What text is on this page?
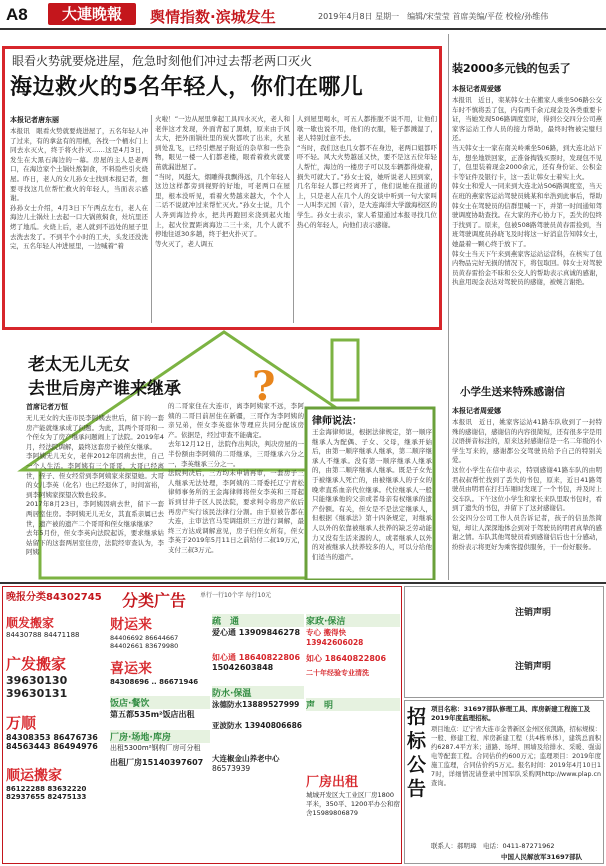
A8	大連晚報	舆情指数·滨城发生	2019年4月8日 星期一　编辑/宋莹莹 首席美编/平莅 校检/孙维伟
眼看火势就要烧进屋，危急时刻他们冲过去帮老两口灭火
海边救火的5名年轻人，你们在哪儿
本报记者唐东丽
本报讯　眼看火势就要烧进屋了，五名年轻人冲了过来，有的拿盆有的用桶，各找一个桶水门上同去水灭火，终于将火扑灭……这是4月3日，发生在大黑石海边的一幕。房屋的主人是老两口，在海边家个土锅灶熬制食，不料险些引火烧屋。昨日，老人的女儿孙女士找到本报记者，想要寻找这几位帮忙救火的年轻人，当面表示感谢。
孙孙女士介绍，4月3日下午两点左右，老人在海边儿土锅灶上去起一口大锅煎焖食，灶坑里还烤了地瓜。火烧上后，老人就到不远处的屋子里去洗去发了。不到半个小时的工夫，头发还没洗完，五名年轻人冲进屋里，一边喊着“着
火啦！”一边从屋里拿起工具四水灭火，老人和老伴这才发现，外面背起了黑烟，原来由于风太大，把外面锅灶里的炭火都吹了出来，火星到处乱飞，已经引燃屋子附近的杂草和一些杂物，眼见一楼一人们都老楼，眼看着救火就要苗就漏进屋了。
“当时，风挺大，烟雕得我飘得远，几个年轻人这边这样都旁到视野的好地，可老两口在屋里，根本没听见，看着火势越来越大，个个人二话不说就冲过来帮忙灭火。”孙女士说，几个人奔到海边拎水，把共再跑回来浇到起火地上，起火位置距离海边二三十来，几个人就不停地往返30多趟，终于把火扑灭了。
等火灭了，老人调五
人到屋里喝水，可五人都推脱不说不用，让他们歇一歇也说不用，他们的衣服，鞋子都溅湿了，老人特别过意不去。
“当时，我们这也几女都不在身边，老两口姐都吓吓不轻。风大火势越延又快，要不是这五位年轻人帮忙，海边的一楼房子可以及车辆都得烧着，损失可就大了。”孙女士说，她听说老人回到家，几名年轻人都已经离开了，他们说她在报道的上，只是老人在几个人的交谈中听到一句大家叫一人叫李元国（音），是大连海洋大学激海校区的学生。孙女士表示，家人希望通过本报寻找几位热心的年轻人，向他们表示感谢。
?
老太无儿无女
去世后房产谁来继承
首席记者万恒
无儿无女的大连市民李阿姨去世后，留下的一套房产能就继承成了问题。为此，其两个哥哥和一个侄女为了房产继承问题闹上了法院。2019年4月，经法院调解，最终这套房子被侄女继承。
李阿姨无儿无女，老伴2012年因病去世，自己一个人生活。李阿姨有三个哥哥，大哥已经离世，侄子、侄女经常到李阿姨家来探望她。大哥的女儿李英（化名）也已经退休了，时间富裕，到李阿姨家探望次数也较多。
2017年8月23日，李阿姨因病去世，留下一套两居室住房。李阿姨无儿无女，其直系亲属已去世，遗产被的遗产二个哥哥和侄女继承继承？
去年5月份，侄女李英向法院起诉，要求继承姑姑留下的这套两居室住房，法院经审查认为，李阿姨
的二哥家住在大连市，离李阿姨家不远，李阿姨的二哥目前居住在新疆，三哥作为李阿姨的亲兄弟，侄女李英庭休等理应共同分配该房产。依据是，经过审查不能确定。
去年12月12日，法院作出判决，判决房屋的一半份额由李阿姨的二哥继承，三哥继承六分之一，李英继承三分之一。
法院判决后，三方均未申请再审，一套房子三人继承无法处理，李阿姨的二哥委托辽宁青松律师事务所的王金海律师将侄女李英和三哥起诉到甘井子区人民法院，要求判令将房产依后再房产实行该民法律行分割。由于原被告都在大连，主审法官马雯调组织三方进行调解，最终三方达成调解意见，房子归侄女所有，侄女李英于2019年5月11日之前给付二叔19万元，支付三叔3万元。
律师说法：
王金海律师说，根据法律规定，第一顺序继承人为配偶、子女、父母，继承开始后，由第一顺序继承人继承，第二顺序继承人不继承。没有第一顺序继承人继承的，由第二顺序继承人继承。既是子女先于被继承人死亡的，由被继承人的子女的晚辈直系血亲代位继承。代位继承人一般只能继承他的父亲或者母亲有权继承的遗产份额。有关，侄女是不是法定继承人，但根据《继承法》第十四条规定，对继承人以外的依靠被继承人扶养的缺乏劳动能力又没有生活来源的人，或者继承人以外的对被继承人扶养较多的人，可以分给他们适当的遗产。
装2000多元钱的包丢了
本报记者周爱娜
本报讯　近日，栾某韩女士在搬家人乘坐506路公交车时不慎将丢了包，内有两千余元现金及各类重要卡证，当她发现506路调度室时，得到公交四分公司燕家客运站工作人员的接力帮助，最终时物被完璧归还。
当天韩女士一家在南关岭乘坐506路，到大连北站下车，想坐地铁回家，正准备掏钱买票时，发现包不见了，包里装着现金2000余元，还有身份证、公积金卡等证件及银行卡，这一丢让韩女士着实上火。
韩女士和爱人一同来到大连北站506路调度室，当天在班的燕家客运站驾驶员姚某和牟浩到此事后，帮助韩女士在驾驶员的信群里喊一下，并第一时间通知驾驶调度协助查找。在大家的齐心协力下，丢失的包终于找到了。原来，包被508路驾驶员黄春雷捡到，当班驾驶调度员孙晓飞及时将这一好消息告知韩女士，她最着一颗心终于放下了。
韩女士当天下午来到燕家客运站运营科，在核实了包内物品完好无损的情况下，将包取回。韩女士对驾驶员黄春雷拾金不昧和公交人的帮助表示真诚的感谢，执意用现金表达对驾驶员的感谢，被婉言谢绝。
小学生送来特殊感谢信
本报记者周爱娜
本报讯　近日，姚家客运站41路车队收到了一封特殊的感谢信，感谢信的内容很简短，还有很多字是用汉语拼音标注的，原来这封感谢信是一名二年级的小学生写来的，感谢都公交驾驶员给予自己的特别关爱。
这位小学生在信中表示，特别感谢41路车队的由明君叔叔帮忙找到了丢失的书包，原来，近日41路驾驶员由明君在打扫车厢时发现了一个书包，并及时上交车队。下午这位小学生和家长来队里取书包时，看到了遗失的书包，并留下了这封感谢信。
公交四分公司工作人员告诉记者，孩子的信虽然简短，却让人深深地体会到对于驾驶员的明君真挚的感谢之情。车队其他驾驶员看到感谢信后也十分感动，纷纷表示将更好为乘客提供服务，干一份好服务。
晚报分类84302745	分类广告	单行一行10个字 每行10元
顺发搬家
84430788 84471188
广发搬家
39630130 39630131
万顺
84308353 86476736 84563443 86494976
顺运搬家
86122288 83632220 82937655 82475133
财运来
84406692 86644667 84402661 83679980
喜运来
84308696 .. 86671946
饭店·餐饮
第五都535m²饭店出租
厂房·场地·库房
出租5300m²钢构厂房可分租
出租厂房15140397607
疏　通
爱心通 13909846278
如心通 18640822806
15042603848
防水·保温
泳德防水13889527999
亚波防水 13940806686
大连椒金山养老中心
86573939
家政·保洁
专心 搬得快 13942606028
如心 18640822806
二十年经验专业清洗
声　明
厂房出租
城城开发区大工业区厂房1800平米，350平、1200平办公和宿舍15989806879
注销声明
注销声明
招标公告
项目名称：31697部队修理工具、库房新建工程施工及2019年度监理招标。
项目地点：辽宁省大连市金普新区金州区依凯路，招标规模：一般、修建工程、库房新建工程（共4栋单体），建筑总面积约6287.4平方米；道路、场坪、围墙及给排水、采暖、强弱电等配套工程。合同估价约600万元；监理项目：2019年度施工监理，合同估价约5万元。报名时间：2019年4月10日17时，详细情况请登录中国军队采购网http://www.plap.cn查询。
联系人：郝明璋　电话：0411-87271962
中国人民解放军31697部队
